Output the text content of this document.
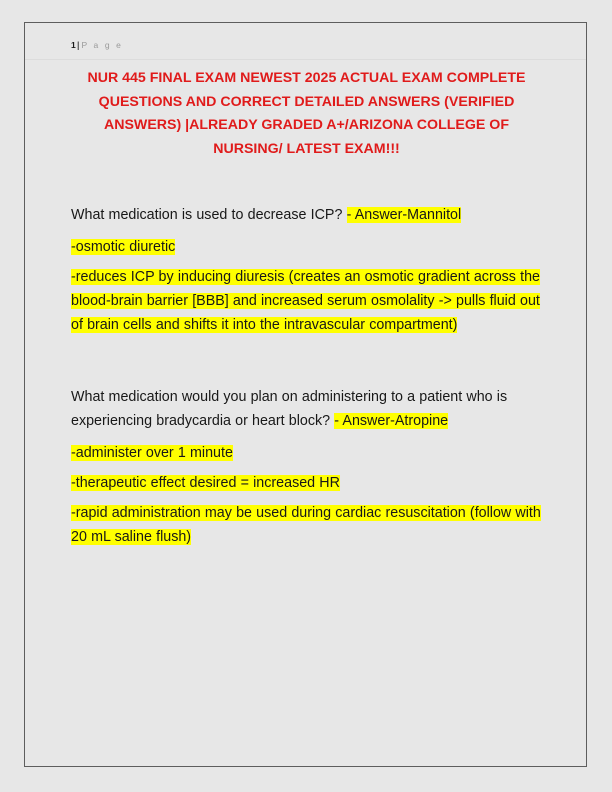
1| P a g e
NUR 445 FINAL EXAM NEWEST 2025 ACTUAL EXAM COMPLETE QUESTIONS AND CORRECT DETAILED ANSWERS (VERIFIED ANSWERS) |ALREADY GRADED A+/ARIZONA COLLEGE OF NURSING/ LATEST EXAM!!!

What medication is used to decrease ICP? - Answer-Mannitol

-osmotic diuretic

-reduces ICP by inducing diuresis (creates an osmotic gradient across the blood-brain barrier [BBB] and increased serum osmolality -> pulls fluid out of brain cells and shifts it into the intravascular compartment)

What medication would you plan on administering to a patient who is experiencing bradycardia or heart block? - Answer-Atropine

-administer over 1 minute

-therapeutic effect desired = increased HR

-rapid administration may be used during cardiac resuscitation (follow with 20 mL saline flush)
